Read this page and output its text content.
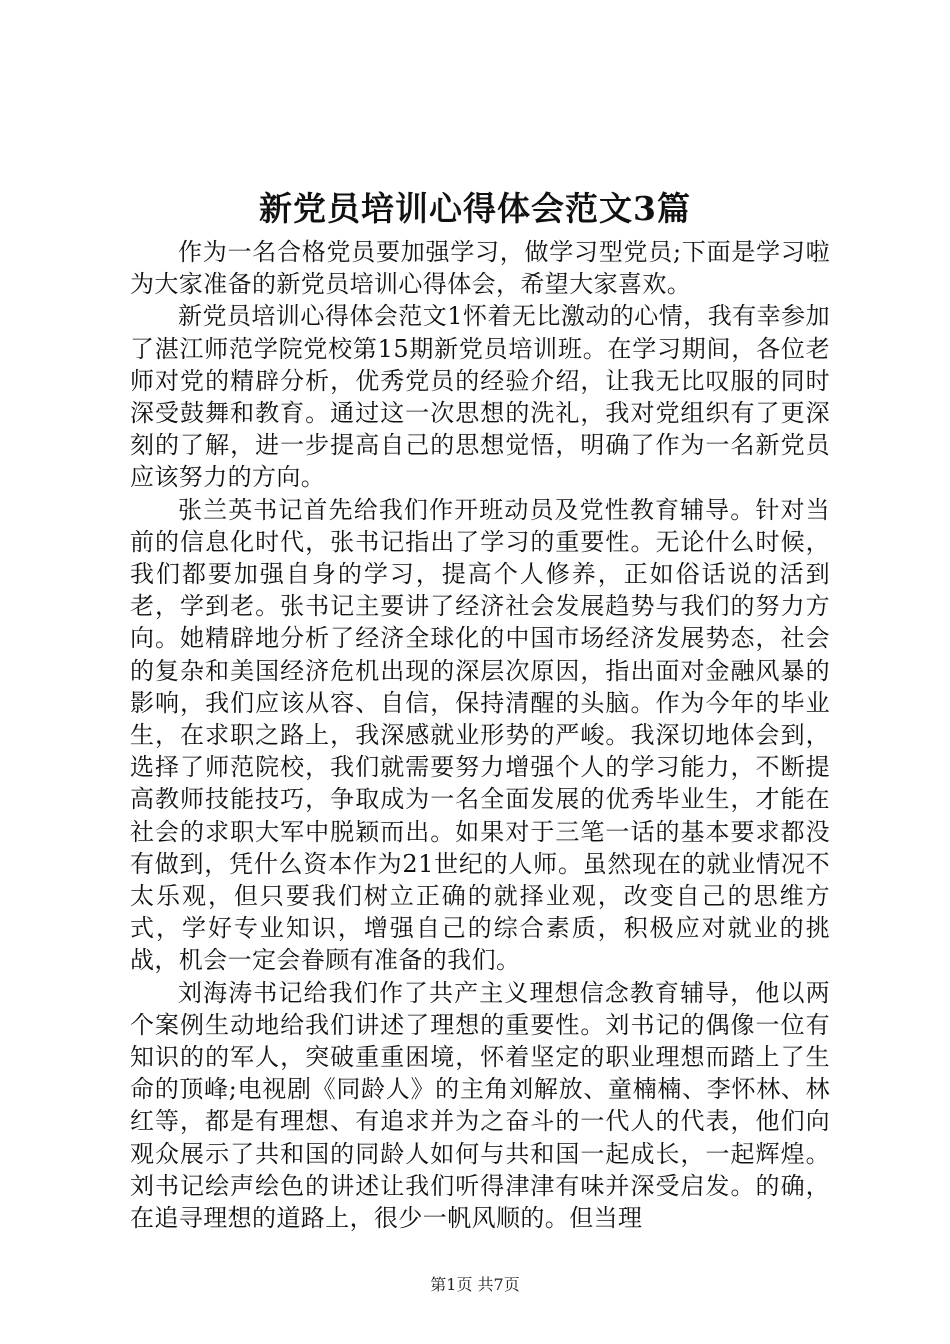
新党员培训心得体会范文3篇

作为一名合格党员要加强学习，做学习型党员;下面是学习啦为大家准备的新党员培训心得体会，希望大家喜欢。

新党员培训心得体会范文1怀着无比激动的心情，我有幸参加了湛江师范学院党校第15期新党员培训班。在学习期间，各位老师对党的精辟分析，优秀党员的经验介绍，让我无比叹服的同时深受鼓舞和教育。通过这一次思想的洗礼，我对党组织有了更深刻的了解，进一步提高自己的思想觉悟，明确了作为一名新党员应该努力的方向。

张兰英书记首先给我们作开班动员及党性教育辅导。针对当前的信息化时代，张书记指出了学习的重要性。无论什么时候，我们都要加强自身的学习，提高个人修养，正如俗话说的活到老，学到老。张书记主要讲了经济社会发展趋势与我们的努力方向。她精辟地分析了经济全球化的中国市场经济发展势态，社会的复杂和美国经济危机出现的深层次原因，指出面对金融风暴的影响，我们应该从容、自信，保持清醒的头脑。作为今年的毕业生，在求职之路上，我深感就业形势的严峻。我深切地体会到，选择了师范院校，我们就需要努力增强个人的学习能力，不断提高教师技能技巧，争取成为一名全面发展的优秀毕业生，才能在社会的求职大军中脱颖而出。如果对于三笔一话的基本要求都没有做到，凭什么资本作为21世纪的人师。虽然现在的就业情况不太乐观，但只要我们树立正确的就择业观，改变自己的思维方式，学好专业知识，增强自己的综合素质，积极应对就业的挑战，机会一定会眷顾有准备的我们。

刘海涛书记给我们作了共产主义理想信念教育辅导，他以两个案例生动地给我们讲述了理想的重要性。刘书记的偶像一位有知识的的军人，突破重重困境，怀着坚定的职业理想而踏上了生命的顶峰;电视剧《同龄人》的主角刘解放、童楠楠、李怀林、林红等，都是有理想、有追求并为之奋斗的一代人的代表，他们向观众展示了共和国的同龄人如何与共和国一起成长，一起辉煌。刘书记绘声绘色的讲述让我们听得津津有味并深受启发。的确，在追寻理想的道路上，很少一帆风顺的。但当理

第1页 共7页
